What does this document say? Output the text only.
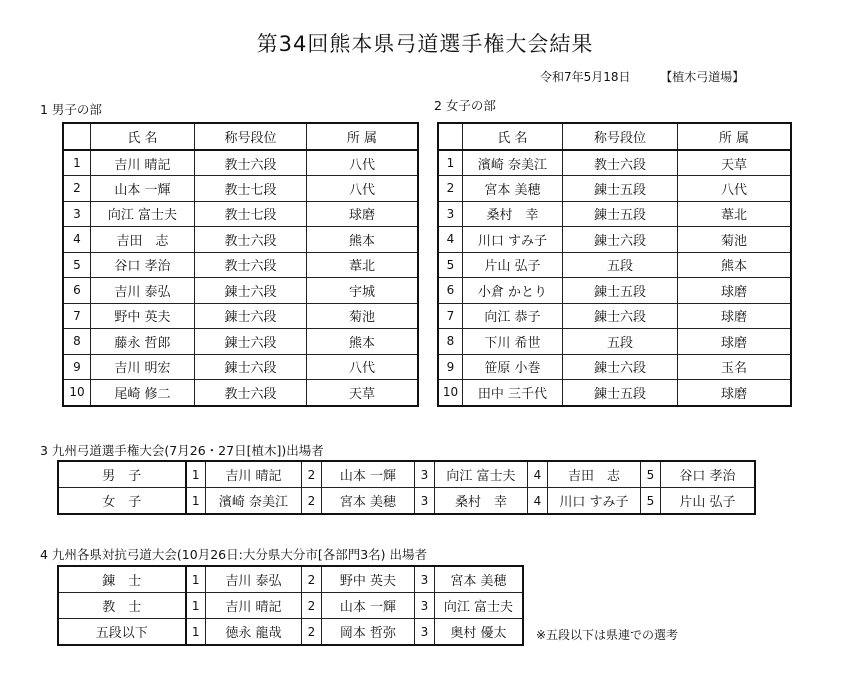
第34回熊本県弓道選手権大会結果
令和7年5月18日 【植木弓道場】
1 男子の部	2 女子の部
	氏 名	称号段位	所 属
1	吉川 晴記	教士六段	八代
2	山本 一輝	教士七段	八代
3	向江 富士夫	教士七段	球磨
4	吉田　志	教士六段	熊本
5	谷口 孝治	教士六段	葦北
6	吉川 泰弘	錬士六段	宇城
7	野中 英夫	錬士六段	菊池
8	藤永 哲郎	錬士六段	熊本
9	吉川 明宏	錬士六段	八代
10	尾崎 修二	教士六段	天草
	氏 名	称号段位	所 属
1	濱崎 奈美江	教士六段	天草
2	宮本 美穂	錬士五段	八代
3	桑村　幸	錬士五段	葦北
4	川口 すみ子	錬士六段	菊池
5	片山 弘子	五段	熊本
6	小倉 かとり	錬士五段	球磨
7	向江 恭子	錬士六段	球磨
8	下川 希世	五段	球磨
9	笹原 小巻	錬士六段	玉名
10	田中 三千代	錬士五段	球磨
3 九州弓道選手権大会(7月26・27日[植木])出場者
男　子	1	吉川 晴記	2	山本 一輝	3	向江 富士夫	4	吉田　志	5	谷口 孝治
女　子	1	濱崎 奈美江	2	宮本 美穂	3	桑村　幸	4	川口 すみ子	5	片山 弘子
4 九州各県対抗弓道大会(10月26日:大分県大分市[各部門3名) 出場者
錬　士	1	吉川 泰弘	2	野中 英夫	3	宮本 美穂
教　士	1	吉川 晴記	2	山本 一輝	3	向江 富士夫
五段以下	1	徳永 龍哉	2	岡本 哲弥	3	奥村 優太 ※五段以下は県連での選考
